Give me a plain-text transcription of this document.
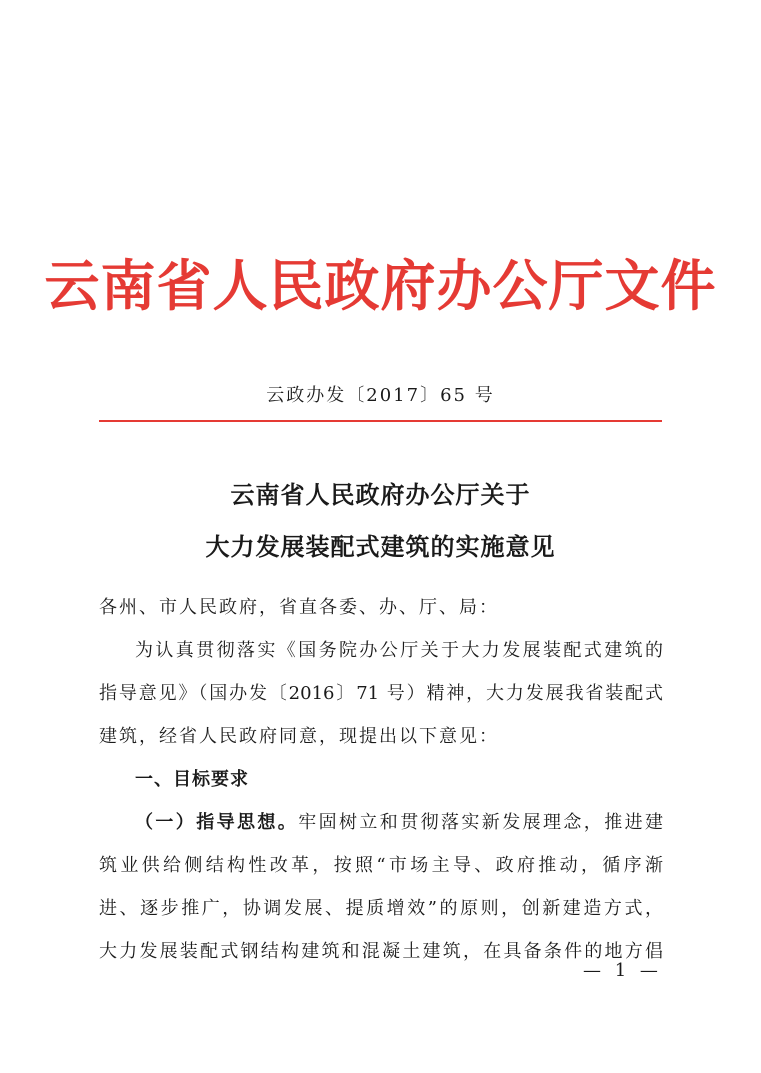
云南省人民政府办公厅文件
云政办发〔2017〕65 号
云南省人民政府办公厅关于
大力发展装配式建筑的实施意见
各州、市人民政府，省直各委、办、厅、局：
为认真贯彻落实《国务院办公厅关于大力发展装配式建筑的
指导意见》（国办发〔2016〕71 号）精神，大力发展我省装配式
建筑，经省人民政府同意，现提出以下意见：
一、目标要求
（一）指导思想。牢固树立和贯彻落实新发展理念，推进建
筑业供给侧结构性改革，按照“市场主导、政府推动，循序渐
进、逐步推广，协调发展、提质增效”的原则，创新建造方式，
大力发展装配式钢结构建筑和混凝土建筑，在具备条件的地方倡
— 1 —
